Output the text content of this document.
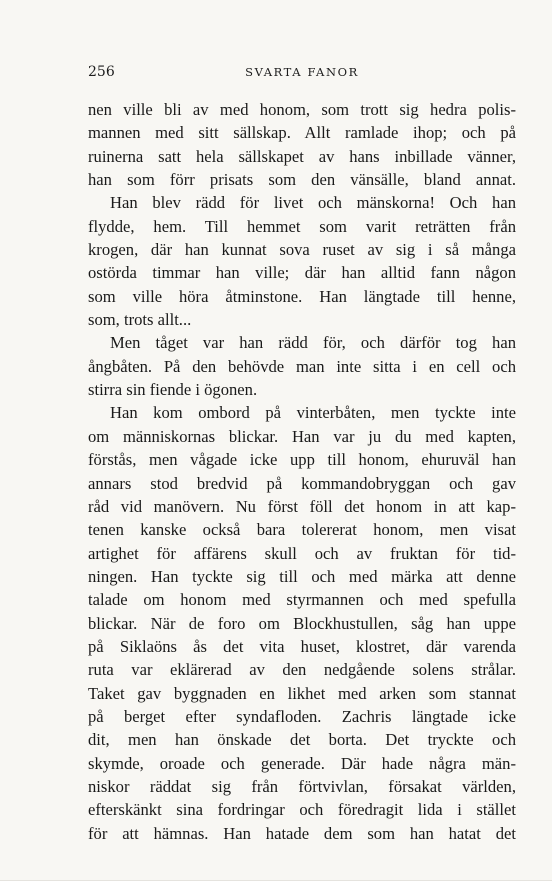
256	SVARTA FANOR
nen ville bli av med honom, som trott sig hedra polis-
mannen med sitt sällskap. Allt ramlade ihop; och på
ruinerna satt hela sällskapet av hans inbillade vänner,
han som förr prisats som den vänsälle, bland annat.
Han blev rädd för livet och mänskorna! Och han
flydde, hem. Till hemmet som varit reträtten från
krogen, där han kunnat sova ruset av sig i så många
ostörda timmar han ville; där han alltid fann någon
som ville höra åtminstone. Han längtade till henne,
som, trots allt...
Men tåget var han rädd för, och därför tog han
ångbåten. På den behövde man inte sitta i en cell och
stirra sin fiende i ögonen.
Han kom ombord på vinterbåten, men tyckte inte
om människornas blickar. Han var ju du med kapten,
förstås, men vågade icke upp till honom, ehuruväl han
annars stod bredvid på kommandobryggan och gav
råd vid manövern. Nu först föll det honom in att kap-
tenen kanske också bara tolererat honom, men visat
artighet för affärens skull och av fruktan för tid-
ningen. Han tyckte sig till och med märka att denne
talade om honom med styrmannen och med spefulla
blickar. När de foro om Blockhustullen, såg han uppe
på Siklaöns ås det vita huset, klostret, där varenda
ruta var eklärerad av den nedgående solens strålar.
Taket gav byggnaden en likhet med arken som stannat
på berget efter syndafloden. Zachris längtade icke
dit, men han önskade det borta. Det tryckte och
skymde, oroade och generade. Där hade några män-
niskor räddat sig från förtvivlan, försakat världen,
efterskänkt sina fordringar och föredragit lida i stället
för att hämnas. Han hatade dem som han hatat det
